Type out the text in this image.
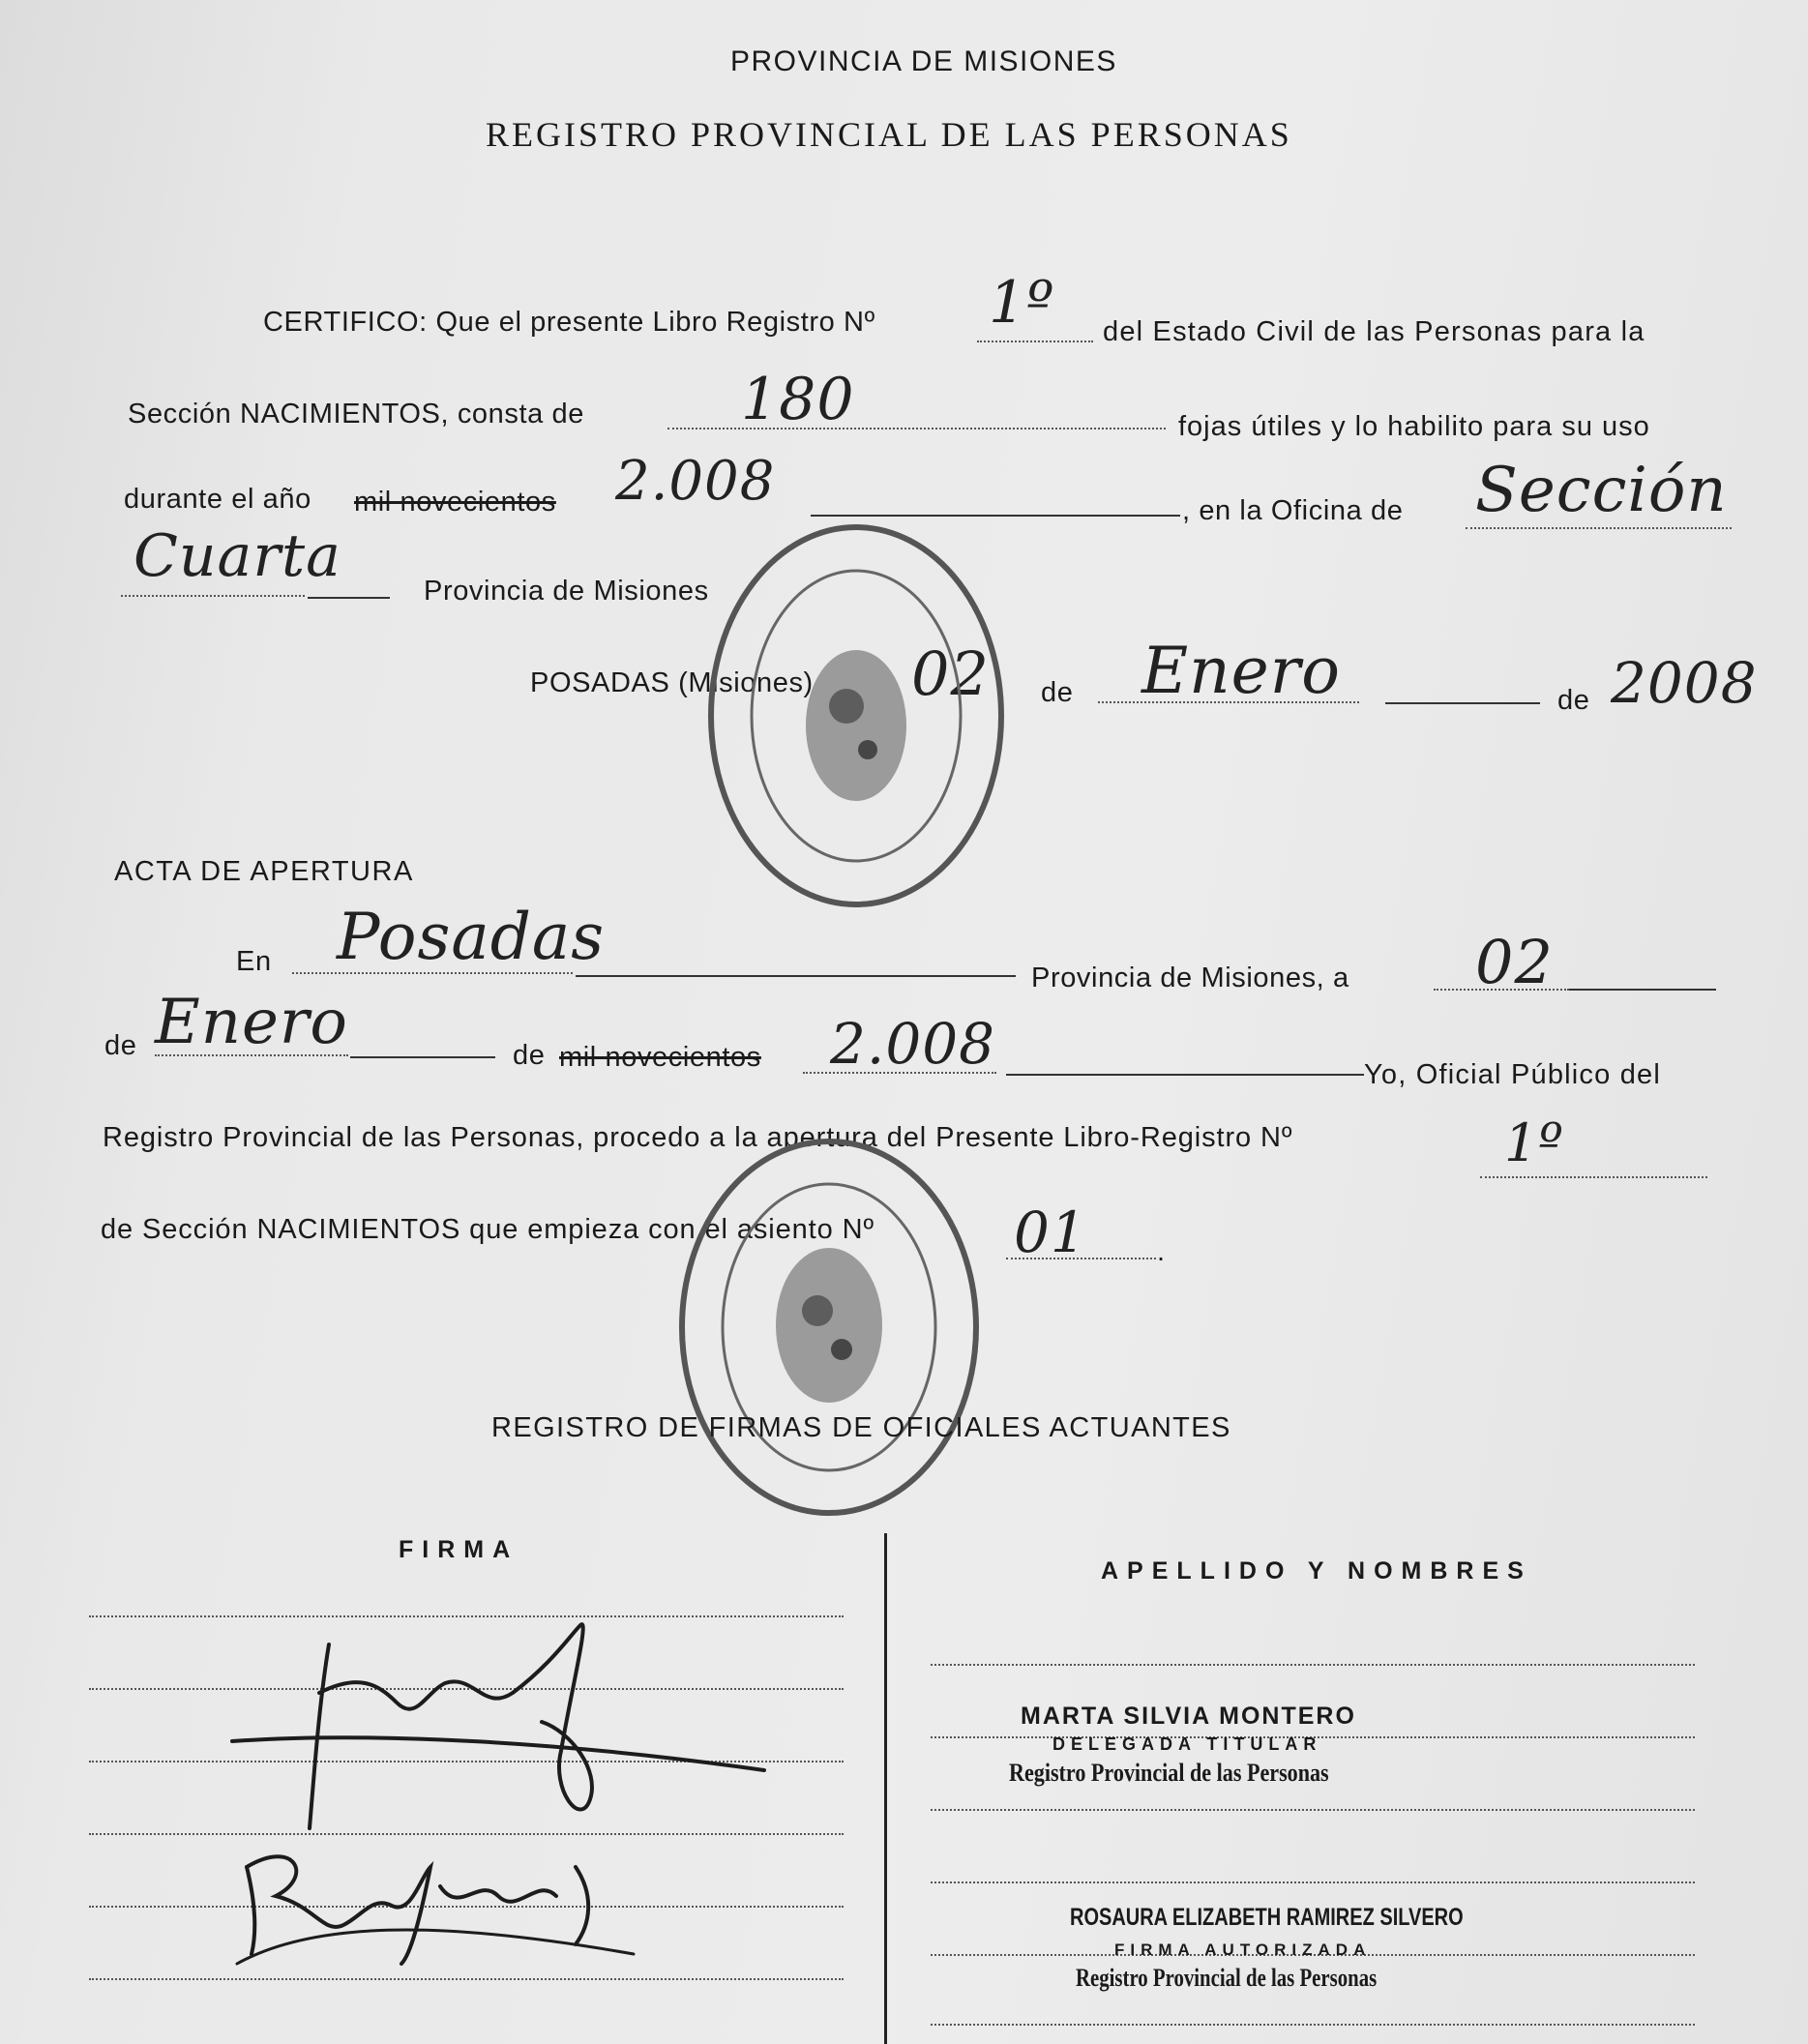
PROVINCIA DE MISIONES
REGISTRO PROVINCIAL DE LAS PERSONAS
CERTIFICO: Que el presente Libro Registro Nº 1º del Estado Civil de las Personas para la
Sección NACIMIENTOS, consta de	180	fojas útiles y lo habilito para su uso
durante el año mil novecientos 2.008	, en la Oficina de Sección
Cuarta
Provincia de Misiones
POSADAS (Misiones) 02 de Enero	de 2008
ACTA DE APERTURA
En Posadas
Provincia de Misiones, a 02
de Enero	de mil novecientos 2.008	Yo, Oficial Público del
Registro Provincial de las Personas, procedo a la apertura del Presente Libro-Registro Nº	1º
de Sección NACIMIENTOS que empieza con el asiento Nº 01 .
REGISTRO DE FIRMAS DE OFICIALES ACTUANTES
FIRMA
APELLIDO Y NOMBRES
MARTA SILVIA MONTERO
DELEGADA TITULAR
Registro Provincial de las Personas
ROSAURA ELIZABETH RAMIREZ SILVERO
FIRMA AUTORIZADA
Registro Provincial de las Personas
